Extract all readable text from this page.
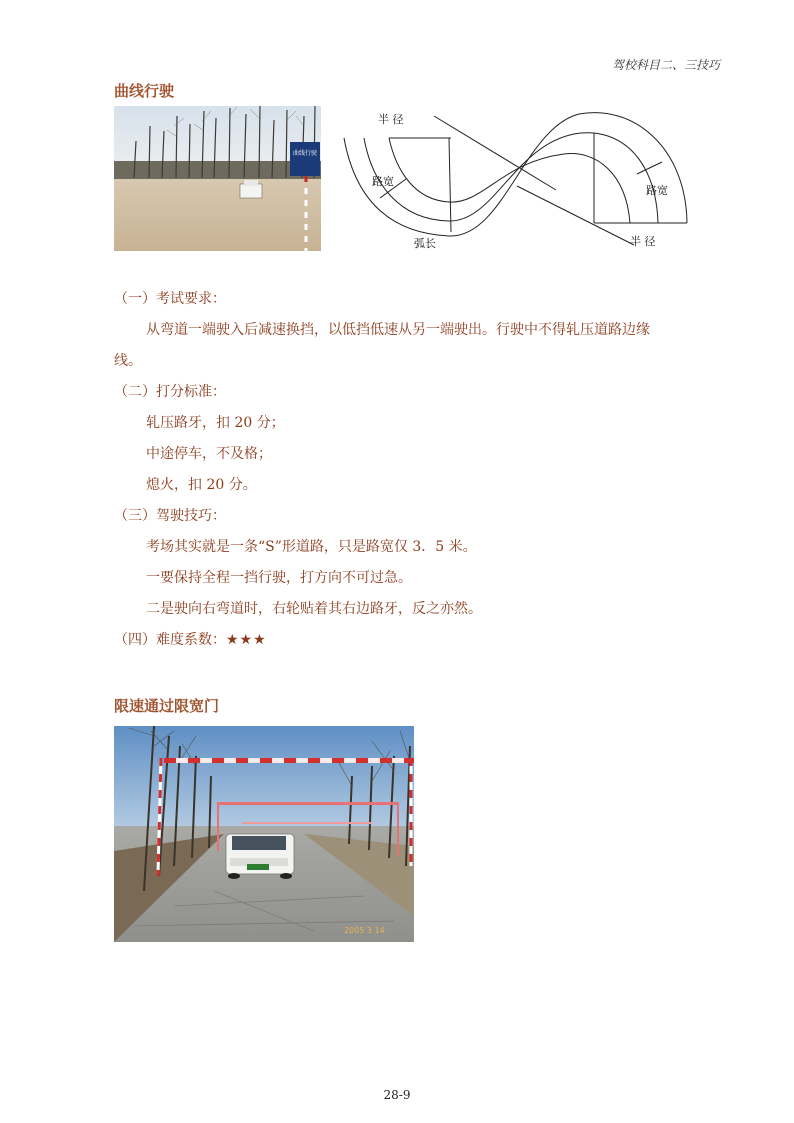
驾校科目二、三技巧
曲线行驶
曲线行驶
半 径
路宽
弧长
路宽
半 径
（一）考试要求：
从弯道一端驶入后减速换挡，以低挡低速从另一端驶出。行驶中不得轧压道路边缘
线。
（二）打分标准：
轧压路牙，扣 20 分；
中途停车，不及格；
熄火，扣 20 分。
（三）驾驶技巧：
考场其实就是一条“S”形道路，只是路宽仅 3．5 米。
一要保持全程一挡行驶，打方向不可过急。
二是驶向右弯道时，右轮贴着其右边路牙，反之亦然。
（四）难度系数：★★★
限速通过限宽门
2005 3 14
28-9
